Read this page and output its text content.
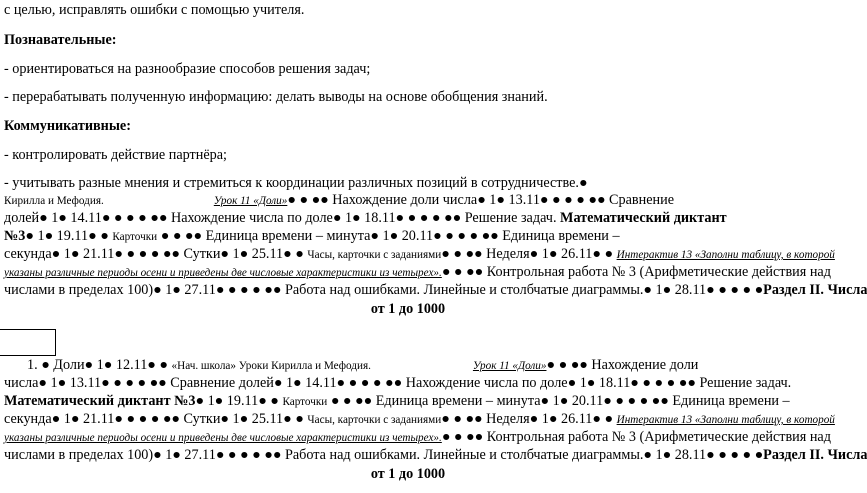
с целью, исправлять ошибки с помощью учителя.
Познавательные:
- ориентироваться на разнообразие способов решения задач;
- перерабатывать полученную информацию: делать выводы на основе обобщения знаний.
Коммуникативные:
- контролировать действие партнёра;
- учитывать разные мнения и стремиться к координации различных позиций в сотрудничестве.●
Кирилла и Мефодия.	Урок 11 «Доли»● ● ●● Нахождение доли числа● 1● 13.11● ● ● ● ●● Сравнение
долей● 1● 14.11● ● ● ● ●● Нахождение числа по доле● 1● 18.11● ● ● ● ●● Решение задач. Математический диктант
№3● 1● 19.11● ● Карточки ● ● ●● Единица времени – минута● 1● 20.11● ● ● ● ●● Единица времени –
секунда● 1● 21.11● ● ● ● ●● Сутки● 1● 25.11● ● Часы, карточки с заданиями● ● ●● Неделя● 1● 26.11● ● Интерактив 13 «Заполни таблицу, в которой
указаны различные периоды осени и приведены две числовые характеристики из четырех».● ● ●● Контрольная работа № 3 (Арифметические действия над
числами в пределах 100)● 1● 27.11● ● ● ● ●● Работа над ошибками. Линейные и столбчатые диаграммы.● 1● 28.11● ● ● ● ●Раздел II. Числа
от 1 до 1000
1. ● Доли● 1● 12.11● ● «Нач. школа» Уроки Кирилла и Мефодия.	Урок 11 «Доли»● ● ●● Нахождение доли
числа● 1● 13.11● ● ● ● ●● Сравнение долей● 1● 14.11● ● ● ● ●● Нахождение числа по доле● 1● 18.11● ● ● ● ●● Решение задач.
Математический диктант №3● 1● 19.11● ● Карточки ● ● ●● Единица времени – минута● 1● 20.11● ● ● ● ●● Единица времени –
секунда● 1● 21.11● ● ● ● ●● Сутки● 1● 25.11● ● Часы, карточки с заданиями● ● ●● Неделя● 1● 26.11● ● Интерактив 13 «Заполни таблицу, в которой
указаны различные периоды осени и приведены две числовые характеристики из четырех».● ● ●● Контрольная работа № 3 (Арифметические действия над
числами в пределах 100)● 1● 27.11● ● ● ● ●● Работа над ошибками. Линейные и столбчатые диаграммы.● 1● 28.11● ● ● ● ●Раздел II. Числа
от 1 до 1000
